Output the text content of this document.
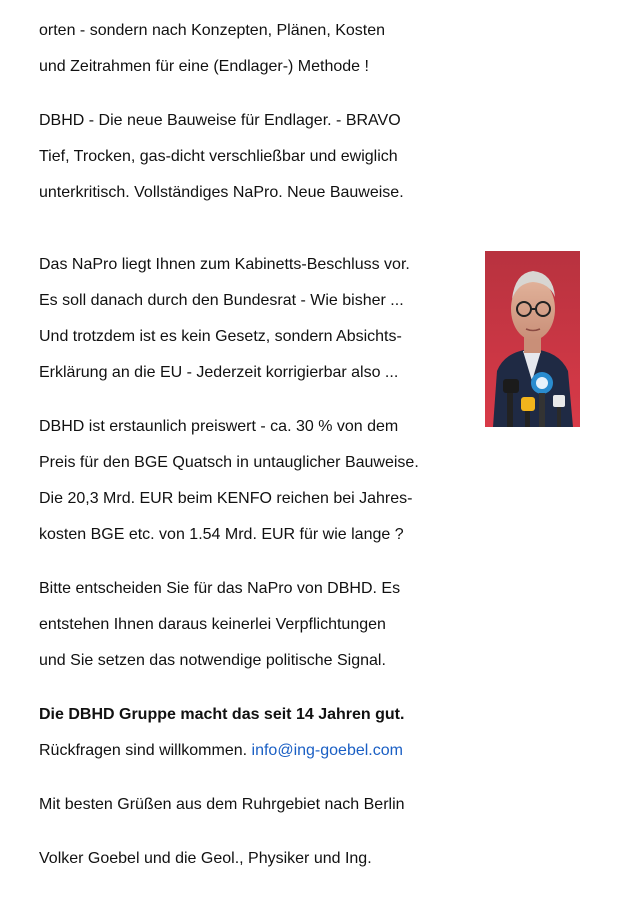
orten - sondern nach Konzepten, Plänen, Kosten

und Zeitrahmen für eine (Endlager-) Methode !

DBHD - Die neue Bauweise für Endlager. - BRAVO

Tief, Trocken, gas-dicht verschließbar und ewiglich

unterkritisch. Vollständiges NaPro. Neue Bauweise.

Das NaPro liegt Ihnen zum Kabinetts-Beschluss vor.

Es soll danach durch den Bundesrat - Wie bisher ...

Und trotzdem ist es kein Gesetz, sondern Absichts-

Erklärung an die EU - Jederzeit korrigierbar also ...

DBHD ist erstaunlich preiswert - ca. 30 % von dem

Preis für den BGE Quatsch in untauglicher Bauweise.

Die 20,3 Mrd. EUR beim KENFO reichen bei Jahres-

kosten BGE etc. von 1.54 Mrd. EUR für wie lange ?

Bitte entscheiden Sie für das NaPro von DBHD. Es

entstehen Ihnen daraus keinerlei Verpflichtungen

und Sie setzen das notwendige politische Signal.

Die DBHD Gruppe macht das seit 14 Jahren gut.

Rückfragen sind willkommen. info@ing-goebel.com

Mit besten Grüßen aus dem Ruhrgebiet nach Berlin

Volker Goebel und die Geol., Physiker und Ing.
